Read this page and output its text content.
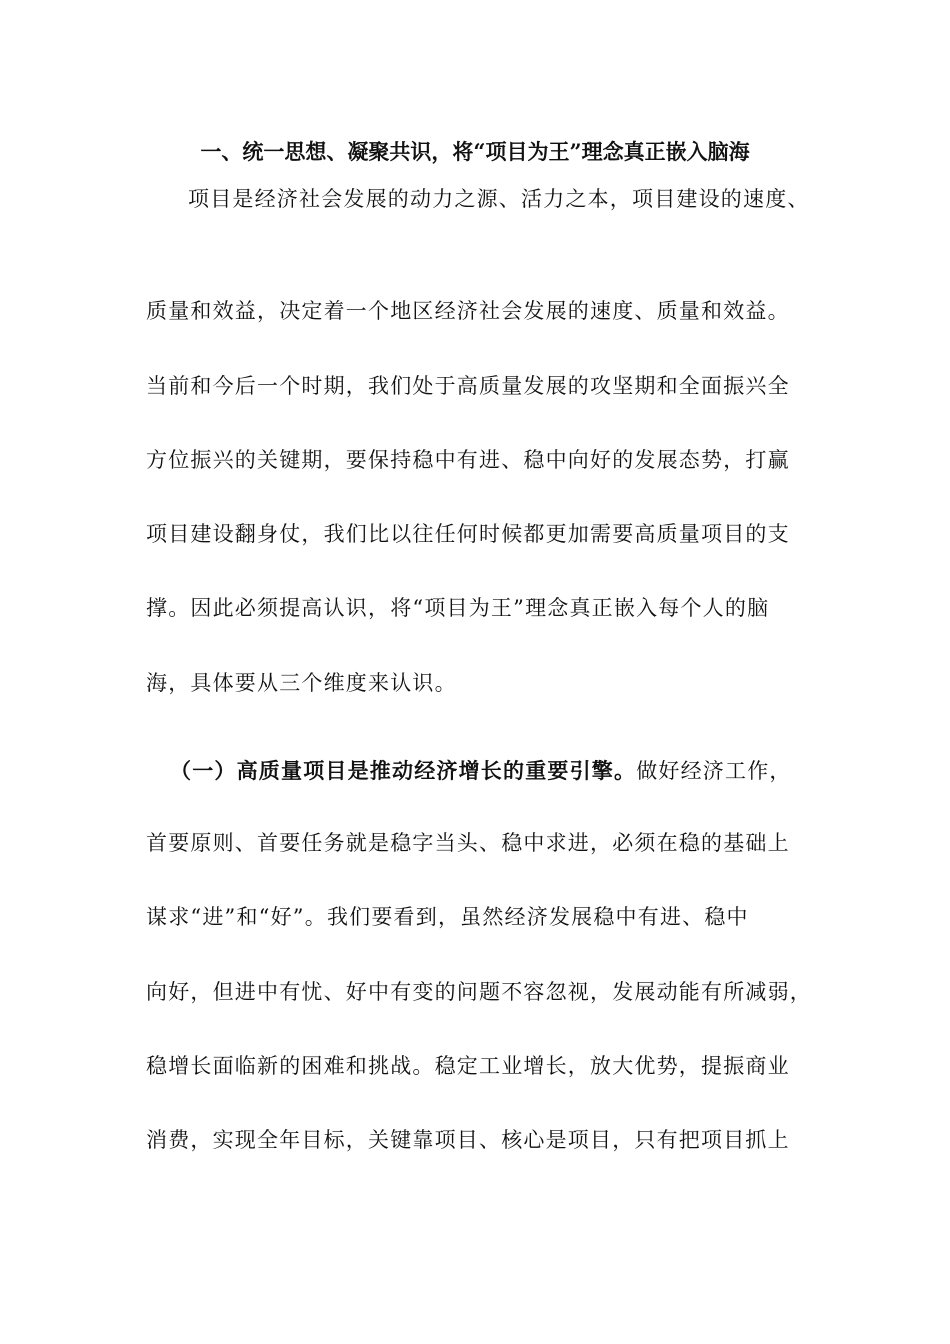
一、统一思想、凝聚共识，将“项目为王”理念真正嵌入脑海
项目是经济社会发展的动力之源、活力之本，项目建设的速度、
质量和效益，决定着一个地区经济社会发展的速度、质量和效益。
当前和今后一个时期，我们处于高质量发展的攻坚期和全面振兴全
方位振兴的关键期，要保持稳中有进、稳中向好的发展态势，打赢
项目建设翻身仗，我们比以往任何时候都更加需要高质量项目的支
撑。因此必须提高认识，将“项目为王”理念真正嵌入每个人的脑
海，具体要从三个维度来认识。
（一）高质量项目是推动经济增长的重要引擎。做好经济工作，
首要原则、首要任务就是稳字当头、稳中求进，必须在稳的基础上
谋求“进”和“好”。我们要看到，虽然经济发展稳中有进、稳中
向好，但进中有忧、好中有变的问题不容忽视，发展动能有所减弱，
稳增长面临新的困难和挑战。稳定工业增长，放大优势，提振商业
消费，实现全年目标，关键靠项目、核心是项目，只有把项目抓上
